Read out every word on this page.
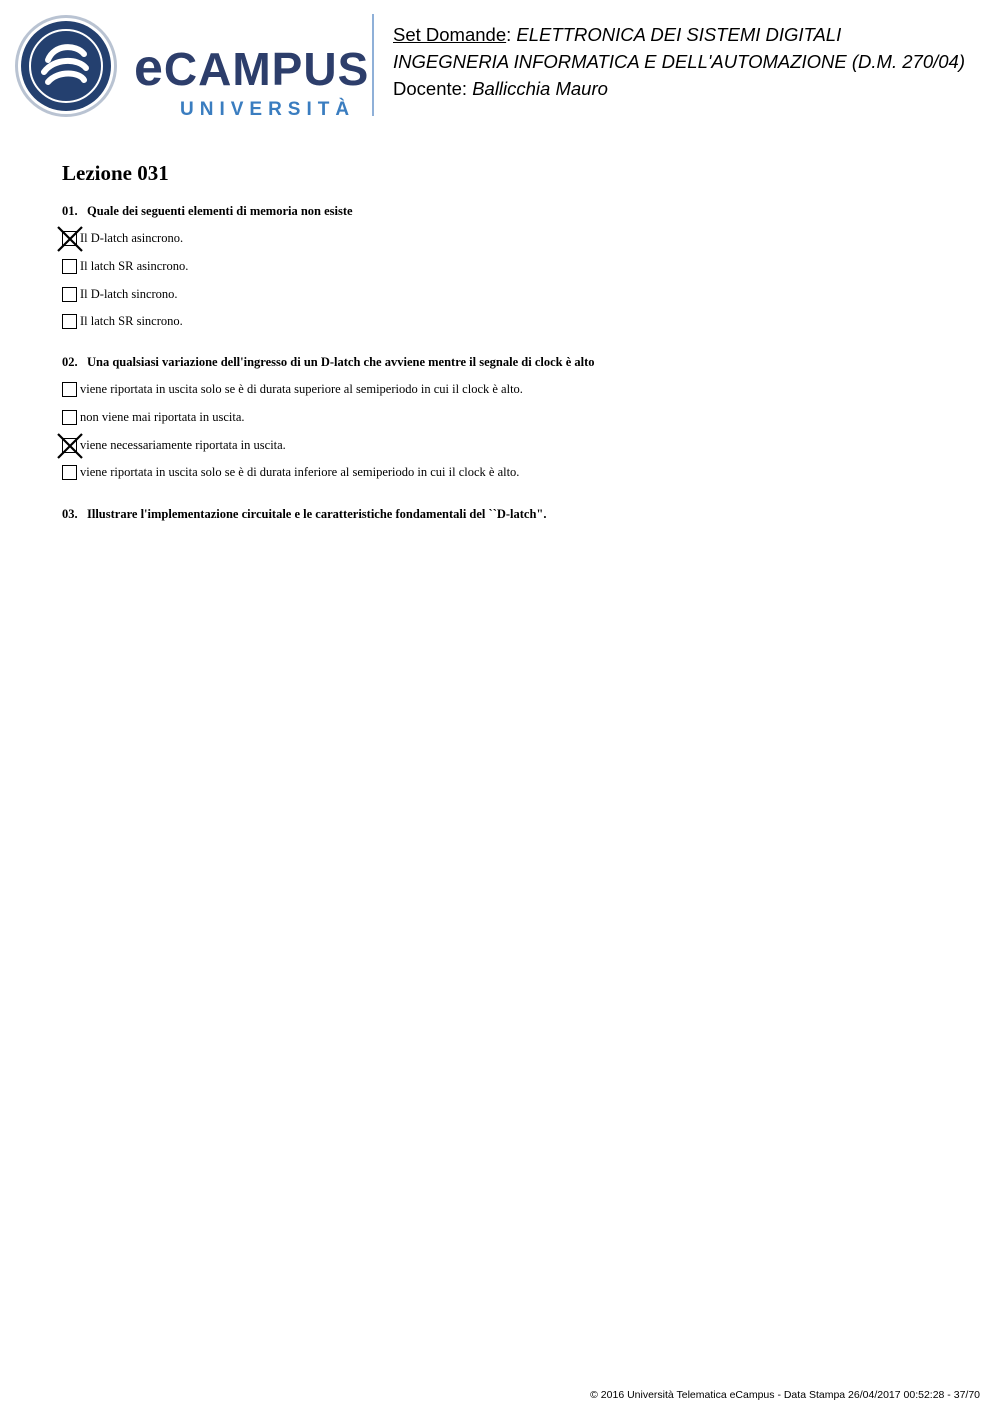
eCAMPUS
UNIVERSITÀ
Set Domande: ELETTRONICA DEI SISTEMI DIGITALI
INGEGNERIA INFORMATICA E DELL'AUTOMAZIONE (D.M. 270/04)
Docente: Ballicchia Mauro
Lezione 031
01. Quale dei seguenti elementi di memoria non esiste
Il D-latch asincrono.
Il latch SR asincrono.
Il D-latch sincrono.
Il latch SR sincrono.
02. Una qualsiasi variazione dell'ingresso di un D-latch che avviene mentre il segnale di clock è alto
viene riportata in uscita solo se è di durata superiore al semiperiodo in cui il clock è alto.
non viene mai riportata in uscita.
viene necessariamente riportata in uscita.
viene riportata in uscita solo se è di durata inferiore al semiperiodo in cui il clock è alto.
03. Illustrare l'implementazione circuitale e le caratteristiche fondamentali del ``D-latch".
© 2016 Università Telematica eCampus - Data Stampa 26/04/2017 00:52:28 - 37/70
